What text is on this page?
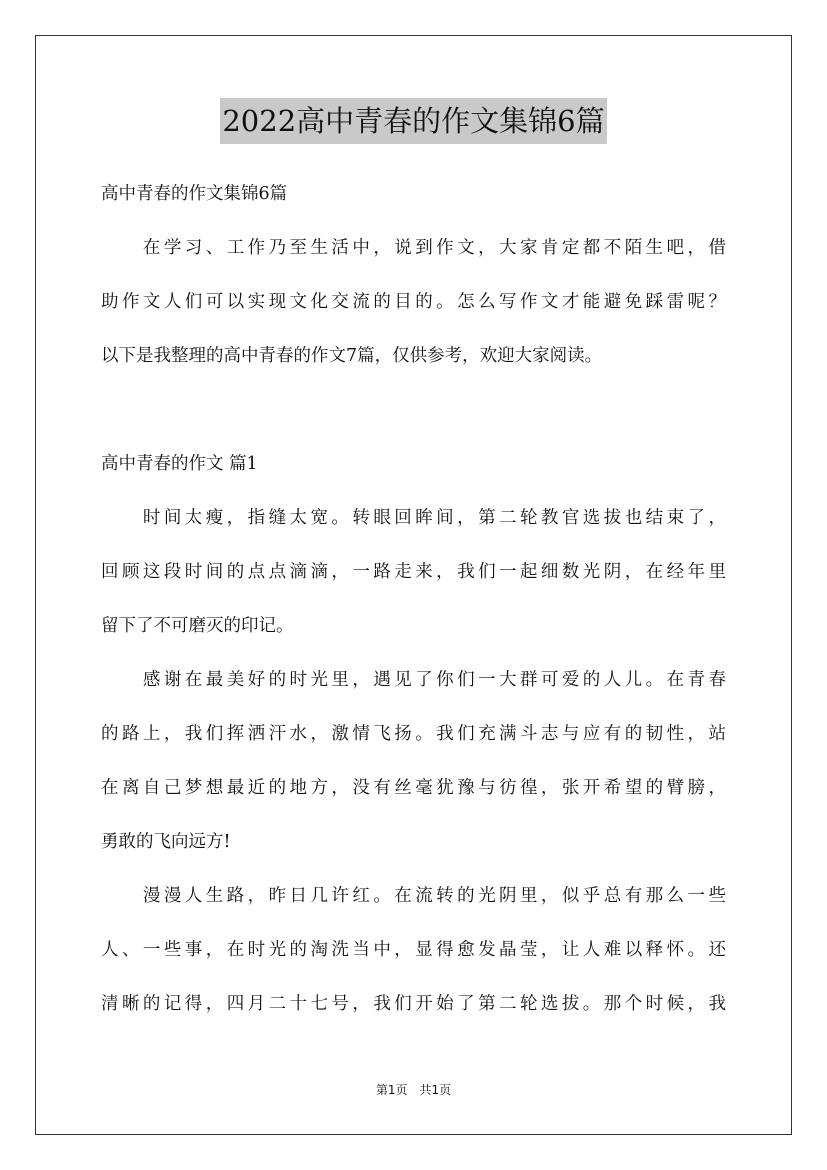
2022高中青春的作文集锦6篇
高中青春的作文集锦6篇
　　在学习、工作乃至生活中，说到作文，大家肯定都不陌生吧，借
助作文人们可以实现文化交流的目的。怎么写作文才能避免踩雷呢？
以下是我整理的高中青春的作文7篇，仅供参考，欢迎大家阅读。
高中青春的作文 篇1
　　时间太瘦，指缝太宽。转眼回眸间，第二轮教官选拔也结束了，
回顾这段时间的点点滴滴，一路走来，我们一起细数光阴，在经年里
留下了不可磨灭的印记。
　　感谢在最美好的时光里，遇见了你们一大群可爱的人儿。在青春
的路上，我们挥洒汗水，激情飞扬。我们充满斗志与应有的韧性，站
在离自己梦想最近的地方，没有丝毫犹豫与彷徨，张开希望的臂膀，
勇敢的飞向远方!
　　漫漫人生路，昨日几许红。在流转的光阴里，似乎总有那么一些
人、一些事，在时光的淘洗当中，显得愈发晶莹，让人难以释怀。还
清晰的记得，四月二十七号，我们开始了第二轮选拔。那个时候，我
第1页　共1页
